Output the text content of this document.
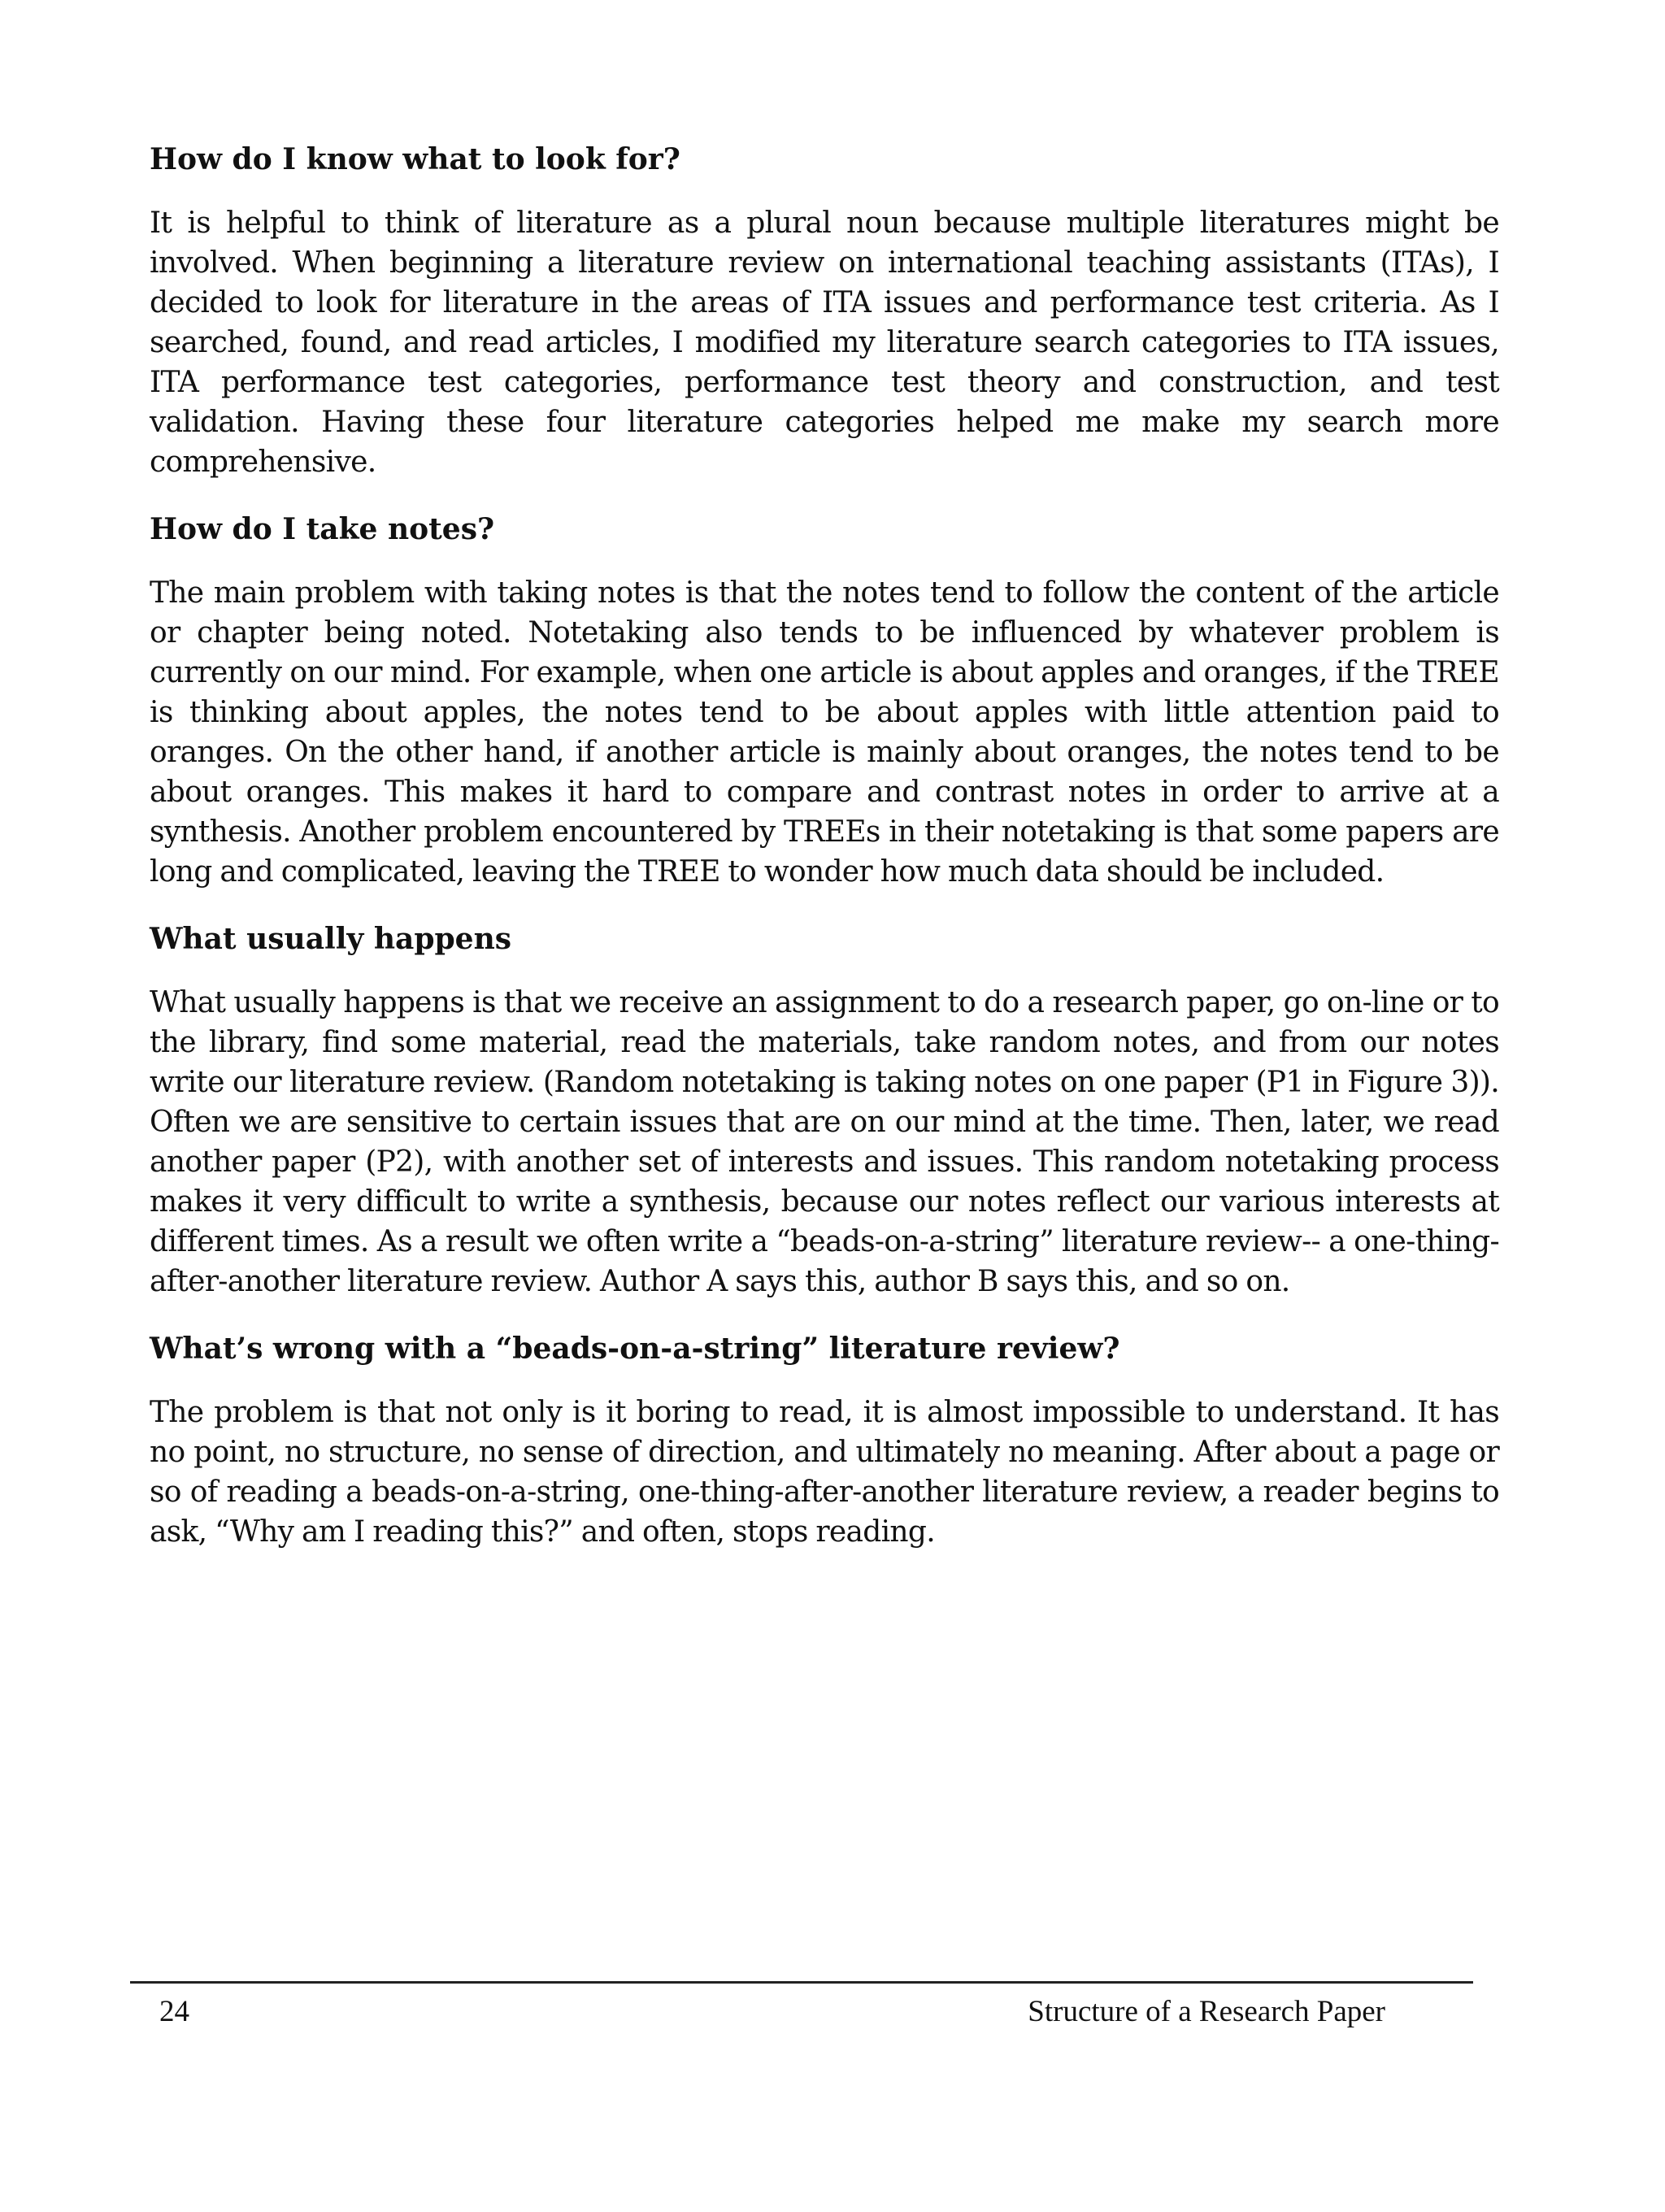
How do I know what to look for?

It is helpful to think of literature as a plural noun because multiple literatures might be involved. When beginning a literature review on international teaching assistants (ITAs), I decided to look for literature in the areas of ITA issues and performance test criteria. As I searched, found, and read articles, I modified my literature search categories to ITA issues, ITA performance test categories, performance test theory and construction, and test validation. Having these four literature categories helped me make my search more comprehensive.

How do I take notes?

The main problem with taking notes is that the notes tend to follow the content of the article or chapter being noted. Notetaking also tends to be influenced by whatever problem is currently on our mind. For example, when one article is about apples and oranges, if the TREE is thinking about apples, the notes tend to be about apples with little attention paid to oranges. On the other hand, if another article is mainly about oranges, the notes tend to be about oranges. This makes it hard to compare and contrast notes in order to arrive at a synthesis. Another problem encountered by TREEs in their notetaking is that some papers are long and complicated, leaving the TREE to wonder how much data should be included.

What usually happens

What usually happens is that we receive an assignment to do a research paper, go on-line or to the library, find some material, read the materials, take random notes, and from our notes write our literature review. (Random notetaking is taking notes on one paper (P1 in Figure 3)). Often we are sensitive to certain issues that are on our mind at the time. Then, later, we read another paper (P2), with another set of interests and issues. This random notetaking process makes it very difficult to write a synthesis, because our notes reflect our various interests at different times. As a result we often write a “beads-on-a-string” literature review-- a one-thing-after-another literature review. Author A says this, author B says this, and so on.

What’s wrong with a “beads-on-a-string” literature review?

The problem is that not only is it boring to read, it is almost impossible to understand. It has no point, no structure, no sense of direction, and ultimately no meaning. After about a page or so of reading a beads-on-a-string, one-thing-after-another literature review, a reader begins to ask, “Why am I reading this?” and often, stops reading.

24	Structure of a Research Paper
